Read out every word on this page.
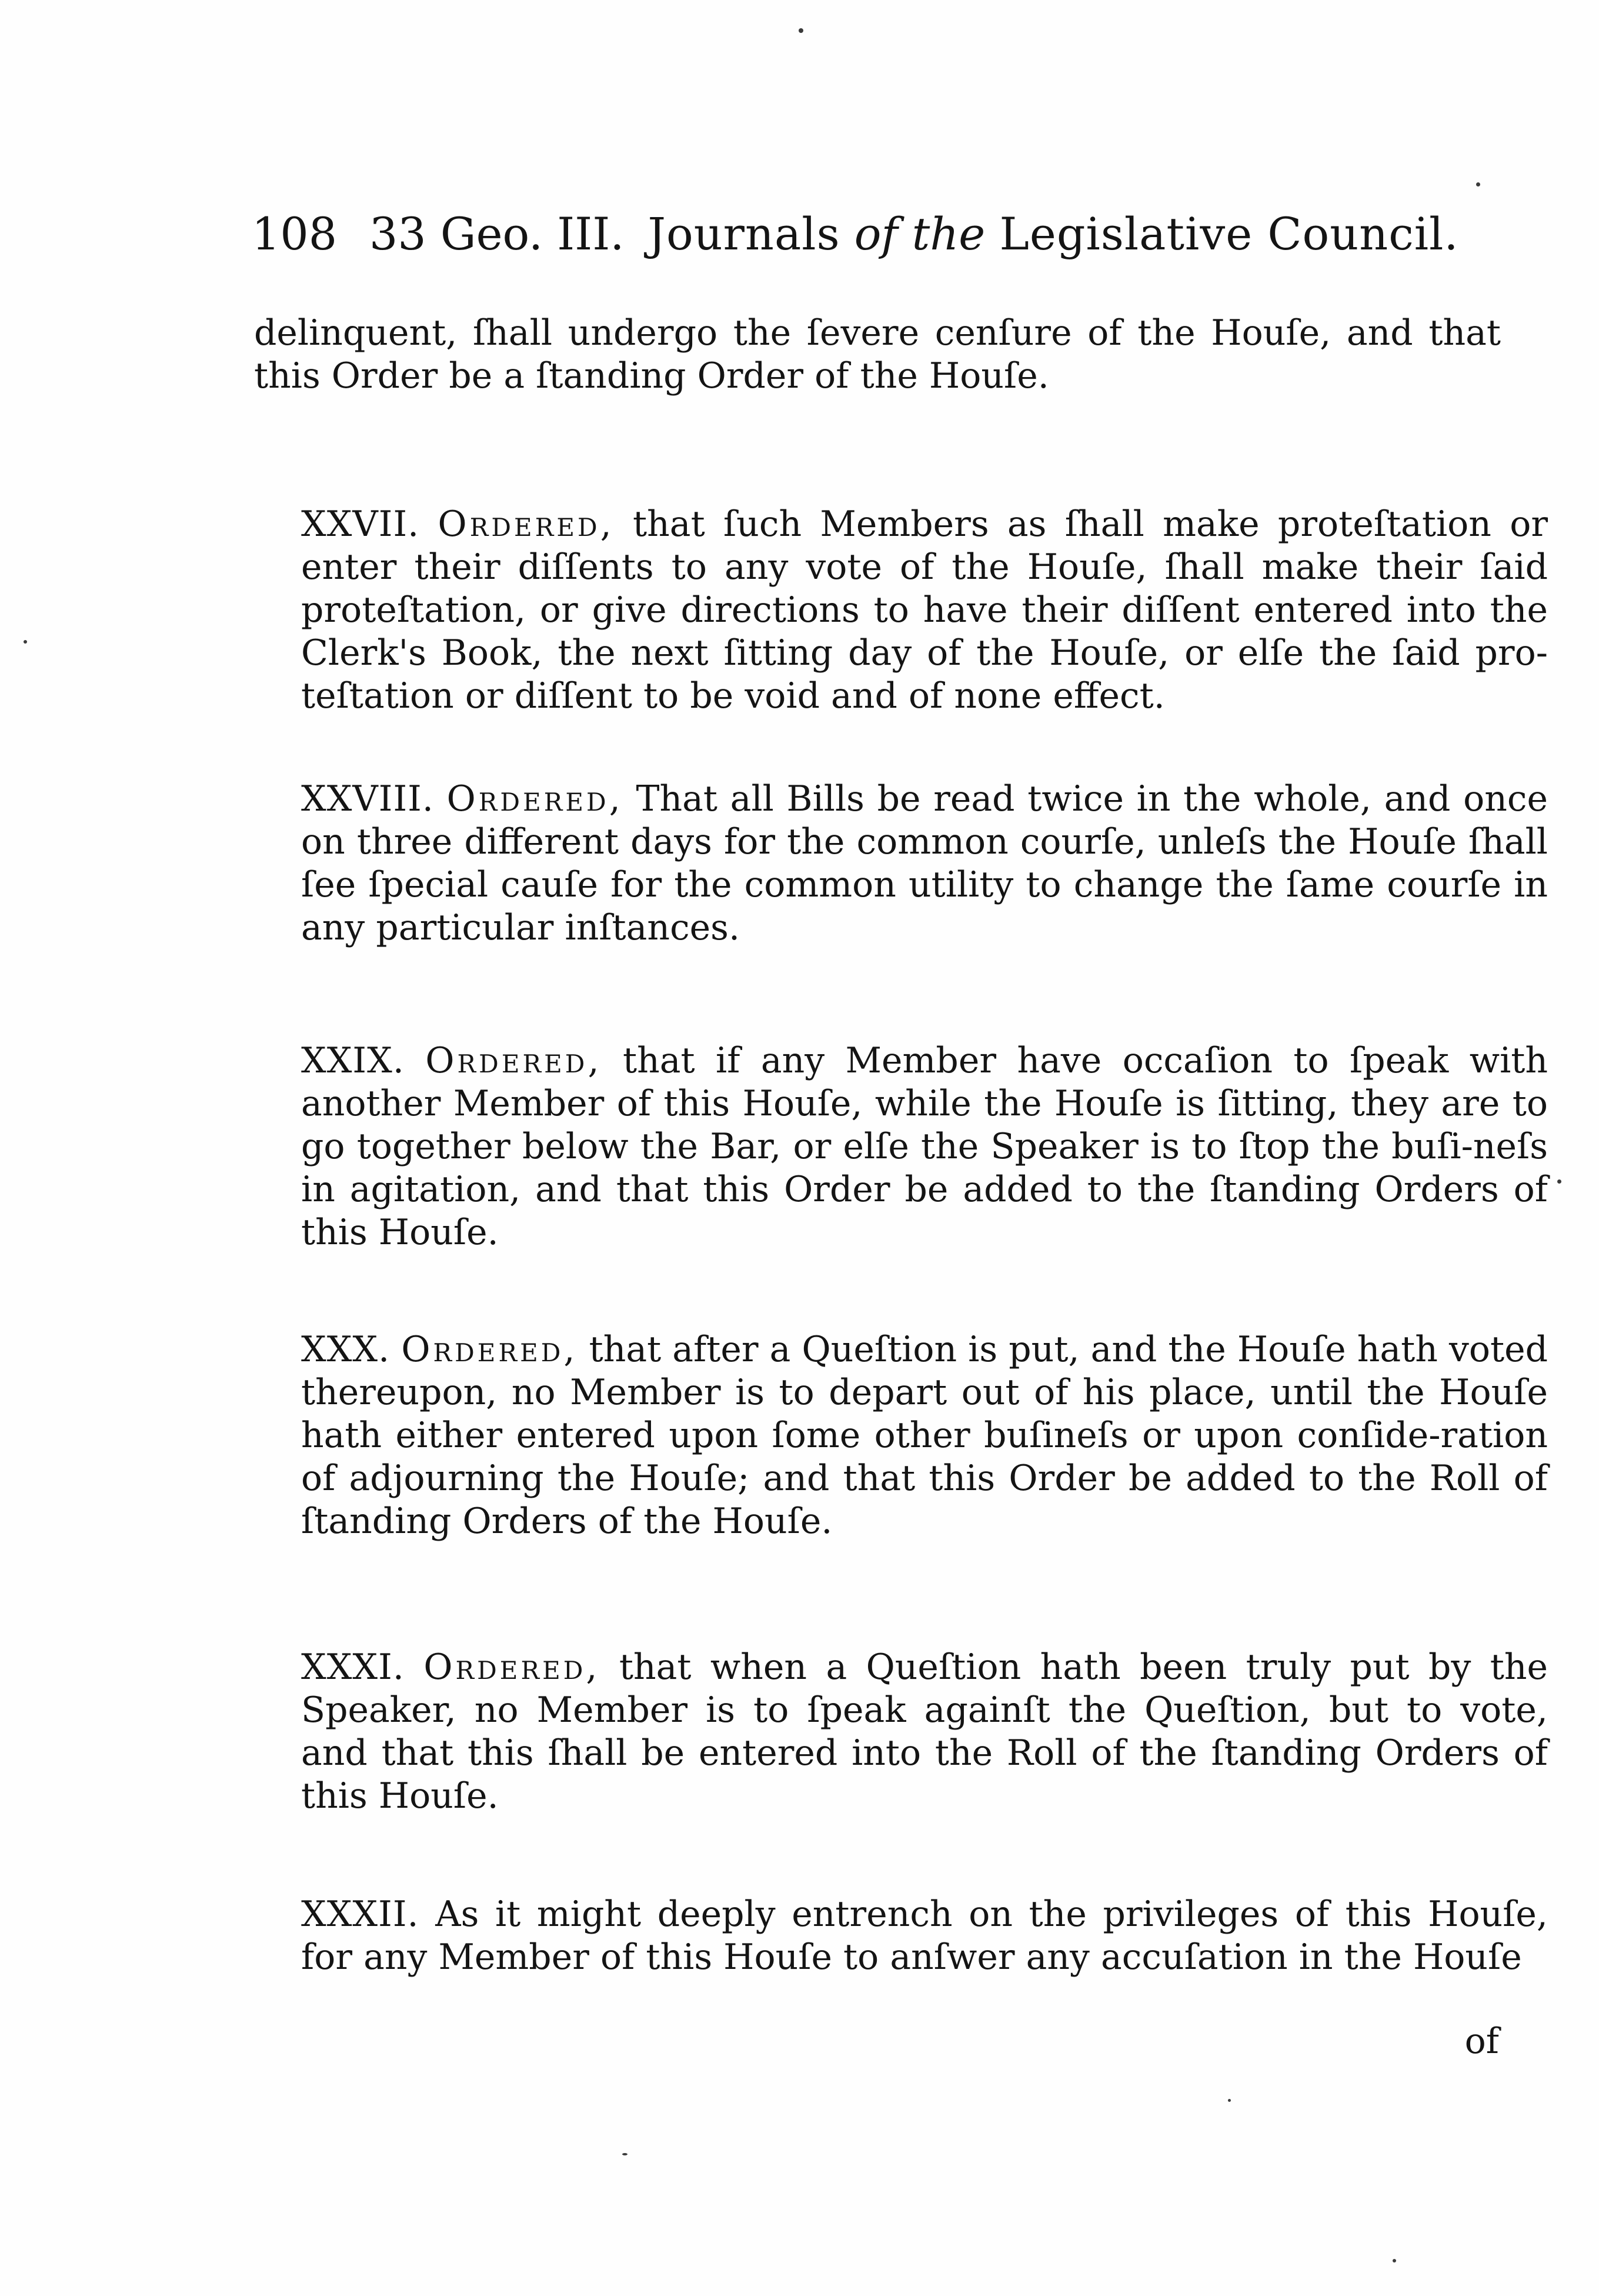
108 33 Geo. III. Journals of the Legislative Council.

delinquent, ſhall undergo the ſevere cenſure of the Houſe, and that this Order be a ſtanding Order of the Houſe.

XXVII. Ordered, that ſuch Members as ſhall make proteſtation or enter their diſſents to any vote of the Houſe, ſhall make their ſaid proteſtation, or give directions to have their diſſent entered into the Clerk's Book, the next ſitting day of the Houſe, or elſe the ſaid pro-teſtation or diſſent to be void and of none effect.

XXVIII. Ordered, That all Bills be read twice in the whole, and once on three different days for the common courſe, unleſs the Houſe ſhall ſee ſpecial cauſe for the common utility to change the ſame courſe in any particular inſtances.

XXIX. Ordered, that if any Member have occaſion to ſpeak with another Member of this Houſe, while the Houſe is ſitting, they are to go together below the Bar, or elſe the Speaker is to ſtop the buſi-neſs in agitation, and that this Order be added to the ſtanding Orders of this Houſe.

XXX. Ordered, that after a Queſtion is put, and the Houſe hath voted thereupon, no Member is to depart out of his place, until the Houſe hath either entered upon ſome other buſineſs or upon conſide-ration of adjourning the Houſe; and that this Order be added to the Roll of ſtanding Orders of the Houſe.

XXXI. Ordered, that when a Queſtion hath been truly put by the Speaker, no Member is to ſpeak againſt the Queſtion, but to vote, and that this ſhall be entered into the Roll of the ſtanding Orders of this Houſe.

XXXII. As it might deeply entrench on the privileges of this Houſe, for any Member of this Houſe to anſwer any accuſation in the Houſe

of
